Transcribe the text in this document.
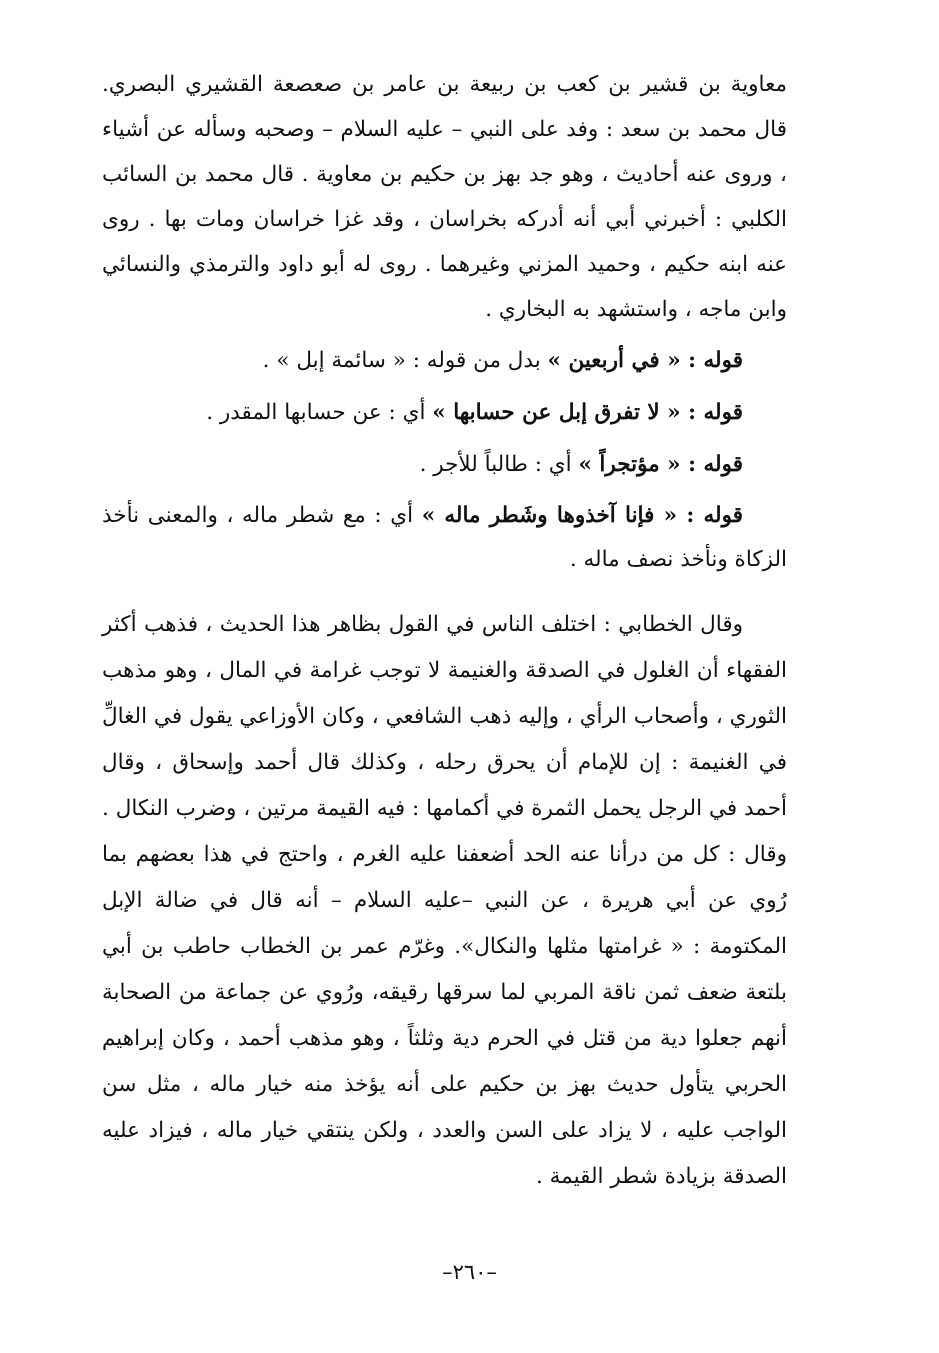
معاوية بن قشير بن كعب بن ربيعة بن عامر بن صعصعة القشيري البصري. قال محمد بن سعد : وفد على النبي – عليه السلام – وصحبه وسأله عن أشياء ، وروى عنه أحاديث ، وهو جد بهز بن حكيم بن معاوية . قال محمد بن السائب الكلبي : أخبرني أبي أنه أدركه بخراسان ، وقد غزا خراسان ومات بها . روى عنه ابنه حكيم ، وحميد المزني وغيرهما . روى له أبو داود والترمذي والنسائي وابن ماجه ، واستشهد به البخاري .

قوله : « في أربعين » بدل من قوله : « سائمة إبل » .

قوله : « لا تفرق إبل عن حسابها » أي : عن حسابها المقدر .

قوله : « مؤتجراً » أي : طالباً للأجر .

قوله : « فإنا آخذوها وشَطر ماله » أي : مع شطر ماله ، والمعنى نأخذ الزكاة ونأخذ نصف ماله .

وقال الخطابي : اختلف الناس في القول بظاهر هذا الحديث ، فذهب أكثر الفقهاء أن الغلول في الصدقة والغنيمة لا توجب غرامة في المال ، وهو مذهب الثوري ، وأصحاب الرأي ، وإليه ذهب الشافعي ، وكان الأوزاعي يقول في الغالِّ في الغنيمة : إن للإمام أن يحرق رحله ، وكذلك قال أحمد وإسحاق ، وقال أحمد في الرجل يحمل الثمرة في أكمامها : فيه القيمة مرتين ، وضرب النكال . وقال : كل من درأنا عنه الحد أضعفنا عليه الغرم ، واحتج في هذا بعضهم بما رُوي عن أبي هريرة ، عن النبي –عليه السلام – أنه قال في ضالة الإبل المكتومة : « غرامتها مثلها والنكال». وغرّم عمر بن الخطاب حاطب بن أبي بلتعة ضعف ثمن ناقة المربي لما سرقها رقيقه، ورُوي عن جماعة من الصحابة أنهم جعلوا دية من قتل في الحرم دية وثلثاً ، وهو مذهب أحمد ، وكان إبراهيم الحربي يتأول حديث بهز بن حكيم على أنه يؤخذ منه خيار ماله ، مثل سن الواجب عليه ، لا يزاد على السن والعدد ، ولكن ينتقي خيار ماله ، فيزاد عليه الصدقة بزيادة شطر القيمة .

–٢٦٠–
